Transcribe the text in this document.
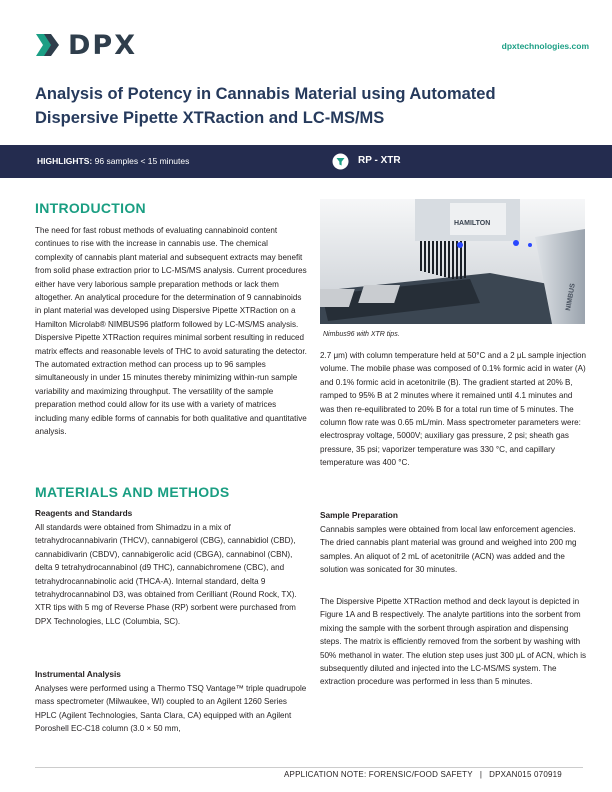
DPX	dpxtechnologies.com
Analysis of Potency in Cannabis Material using Automated Dispersive Pipette XTRaction and LC-MS/MS
HIGHLIGHTS: 96 samples < 15 minutes	RP - XTR
INTRODUCTION

The need for fast robust methods of evaluating cannabinoid content continues to rise with the increase in cannabis use. The chemical complexity of cannabis plant material and subsequent extracts may benefit from solid phase extraction prior to LC-MS/MS analysis. Current procedures either have very laborious sample preparation methods or lack them altogether. An analytical procedure for the determination of 9 cannabinoids in plant material was developed using Dispersive Pipette XTRaction on a Hamilton Microlab® NIMBUS96 platform followed by LC-MS/MS analysis. Dispersive Pipette XTRaction requires minimal sorbent resulting in reduced matrix effects and reasonable levels of THC to avoid saturating the detector. The automated extraction method can process up to 96 samples simultaneously in under 15 minutes thereby minimizing within-run sample variability and maximizing throughput. The versatility of the sample preparation method could allow for its use with a variety of matrices including many edible forms of cannabis for both qualitative and quantitative analysis.

HAMILTON
NIMBUS
Nimbus96 with XTR tips.

2.7 μm) with column temperature held at 50°C and a 2 μL sample injection volume. The mobile phase was composed of 0.1% formic acid in water (A) and 0.1% formic acid in acetonitrile (B). The gradient started at 20% B, ramped to 95% B at 2 minutes where it remained until 4.1 minutes and was then re-equilibrated to 20% B for a total run time of 5 minutes. The column flow rate was 0.65 mL/min. Mass spectrometer parameters were: electrospray voltage, 5000V; auxiliary gas pressure, 2 psi; sheath gas pressure, 35 psi; vaporizer temperature was 330 °C, and capillary temperature was 400 °C.

MATERIALS AND METHODS
Reagents and Standards

All standards were obtained from Shimadzu in a mix of tetrahydrocannabivarin (THCV), cannabigerol (CBG), cannabidiol (CBD), cannabidivarin (CBDV), cannabigerolic acid (CBGA), cannabinol (CBN), delta 9 tetrahydrocannabinol (d9 THC), cannabichromene (CBC), and tetrahydrocannabinolic acid (THCA-A). Internal standard, delta 9 tetrahydrocannabinol D3, was obtained from Cerilliant (Round Rock, TX). XTR tips with 5 mg of Reverse Phase (RP) sorbent were purchased from DPX Technologies, LLC (Columbia, SC).

Instrumental Analysis

Analyses were performed using a Thermo TSQ Vantage™ triple quadrupole mass spectrometer (Milwaukee, WI) coupled to an Agilent 1260 Series HPLC (Agilent Technologies, Santa Clara, CA) equipped with an Agilent Poroshell EC-C18 column (3.0 × 50 mm,

Sample Preparation

Cannabis samples were obtained from local law enforcement agencies. The dried cannabis plant material was ground and weighed into 200 mg samples. An aliquot of 2 mL of acetonitrile (ACN) was added and the solution was sonicated for 30 minutes.

The Dispersive Pipette XTRaction method and deck layout is depicted in Figure 1A and B respectively. The analyte partitions into the sorbent from mixing the sample with the sorbent through aspiration and dispensing steps. The matrix is efficiently removed from the sorbent by washing with 50% methanol in water. The elution step uses just 300 μL of ACN, which is subsequently diluted and injected into the LC-MS/MS system. The extraction procedure was performed in less than 5 minutes.

APPLICATION NOTE: FORENSIC/FOOD SAFETY | DPXAN015 070919
